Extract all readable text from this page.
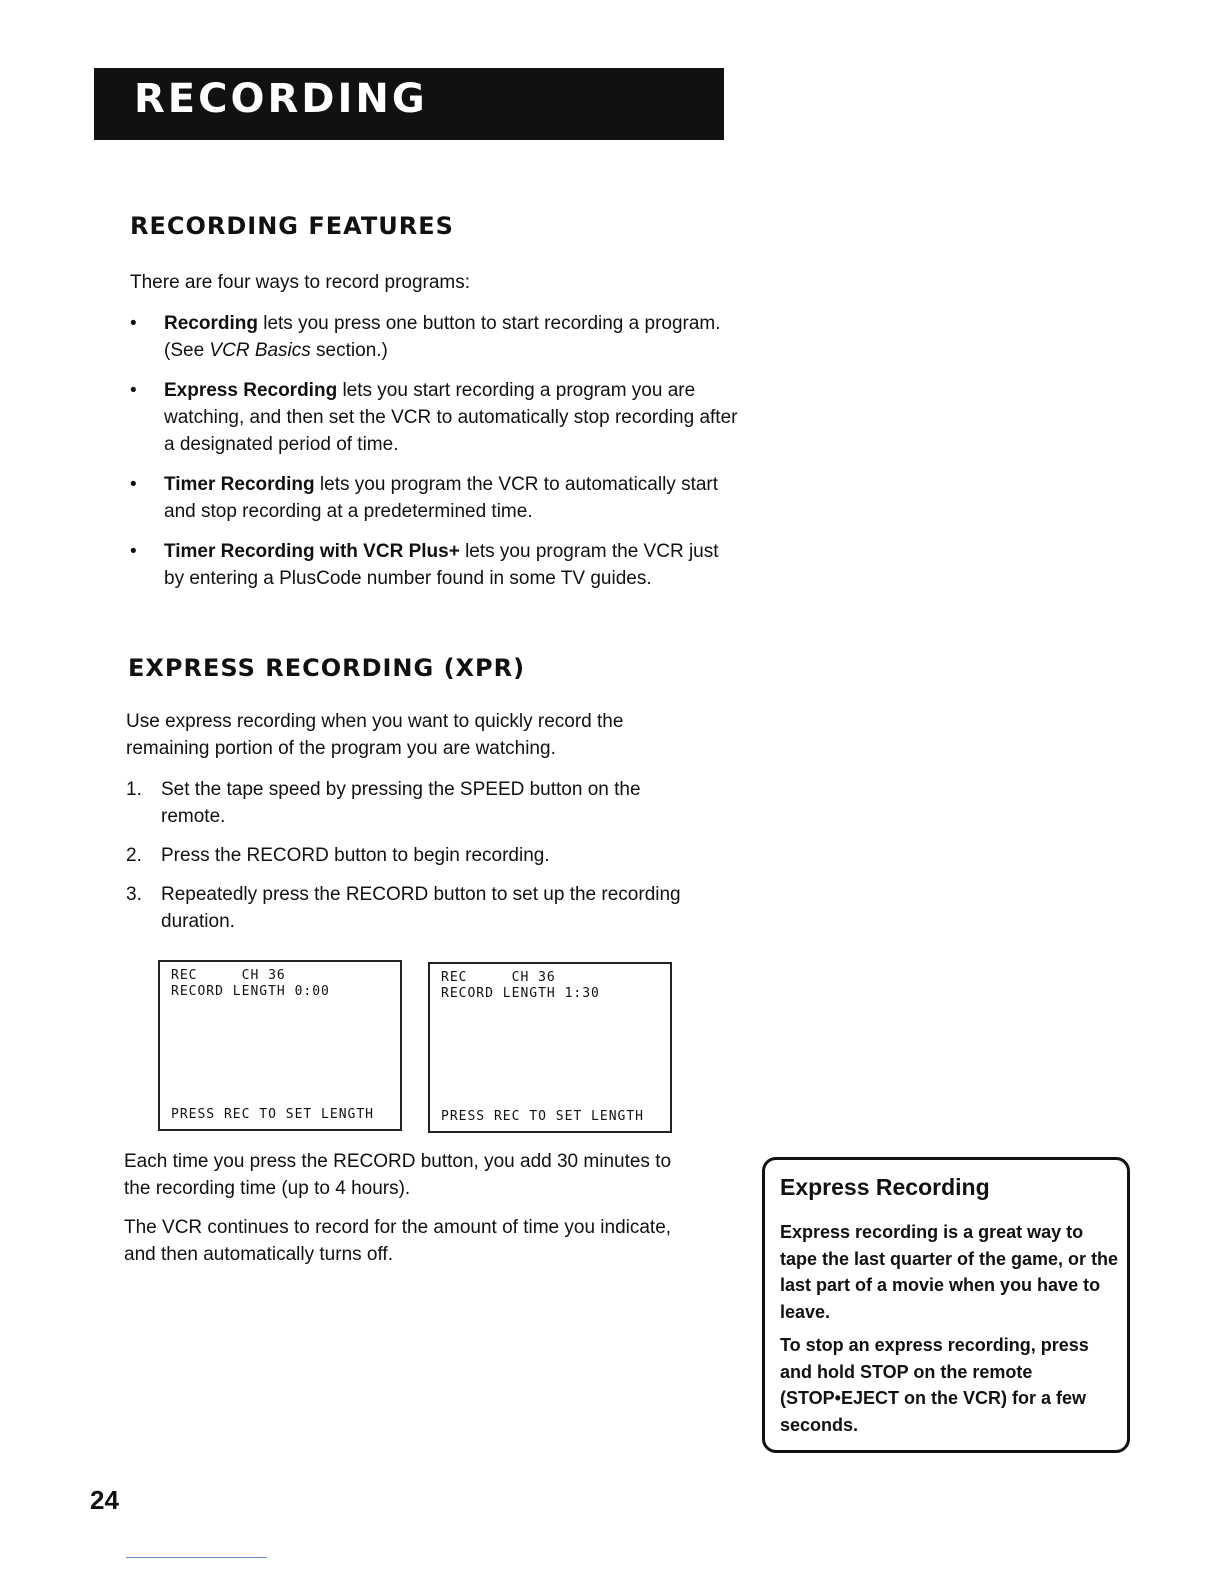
RECORDING
RECORDING FEATURES

There are four ways to record programs:

• Recording lets you press one button to start recording a program. (See VCR Basics section.)
• Express Recording lets you start recording a program you are watching, and then set the VCR to automatically stop recording after a designated period of time.
• Timer Recording lets you program the VCR to automatically start and stop recording at a predetermined time.
• Timer Recording with VCR Plus+ lets you program the VCR just by entering a PlusCode number found in some TV guides.
EXPRESS RECORDING (XPR)

Use express recording when you want to quickly record the remaining portion of the program you are watching.

1. Set the tape speed by pressing the SPEED button on the remote.
2. Press the RECORD button to begin recording.
3. Repeatedly press the RECORD button to set up the recording duration.
REC     CH 36
RECORD LENGTH 0:00
PRESS REC TO SET LENGTH
REC     CH 36
RECORD LENGTH 1:30
PRESS REC TO SET LENGTH

Each time you press the RECORD button, you add 30 minutes to the recording time (up to 4 hours).

The VCR continues to record for the amount of time you indicate, and then automatically turns off.

Express Recording

Express recording is a great way to tape the last quarter of the game, or the last part of a movie when you have to leave.

To stop an express recording, press and hold STOP on the remote (STOP•EJECT on the VCR) for a few seconds.

24
